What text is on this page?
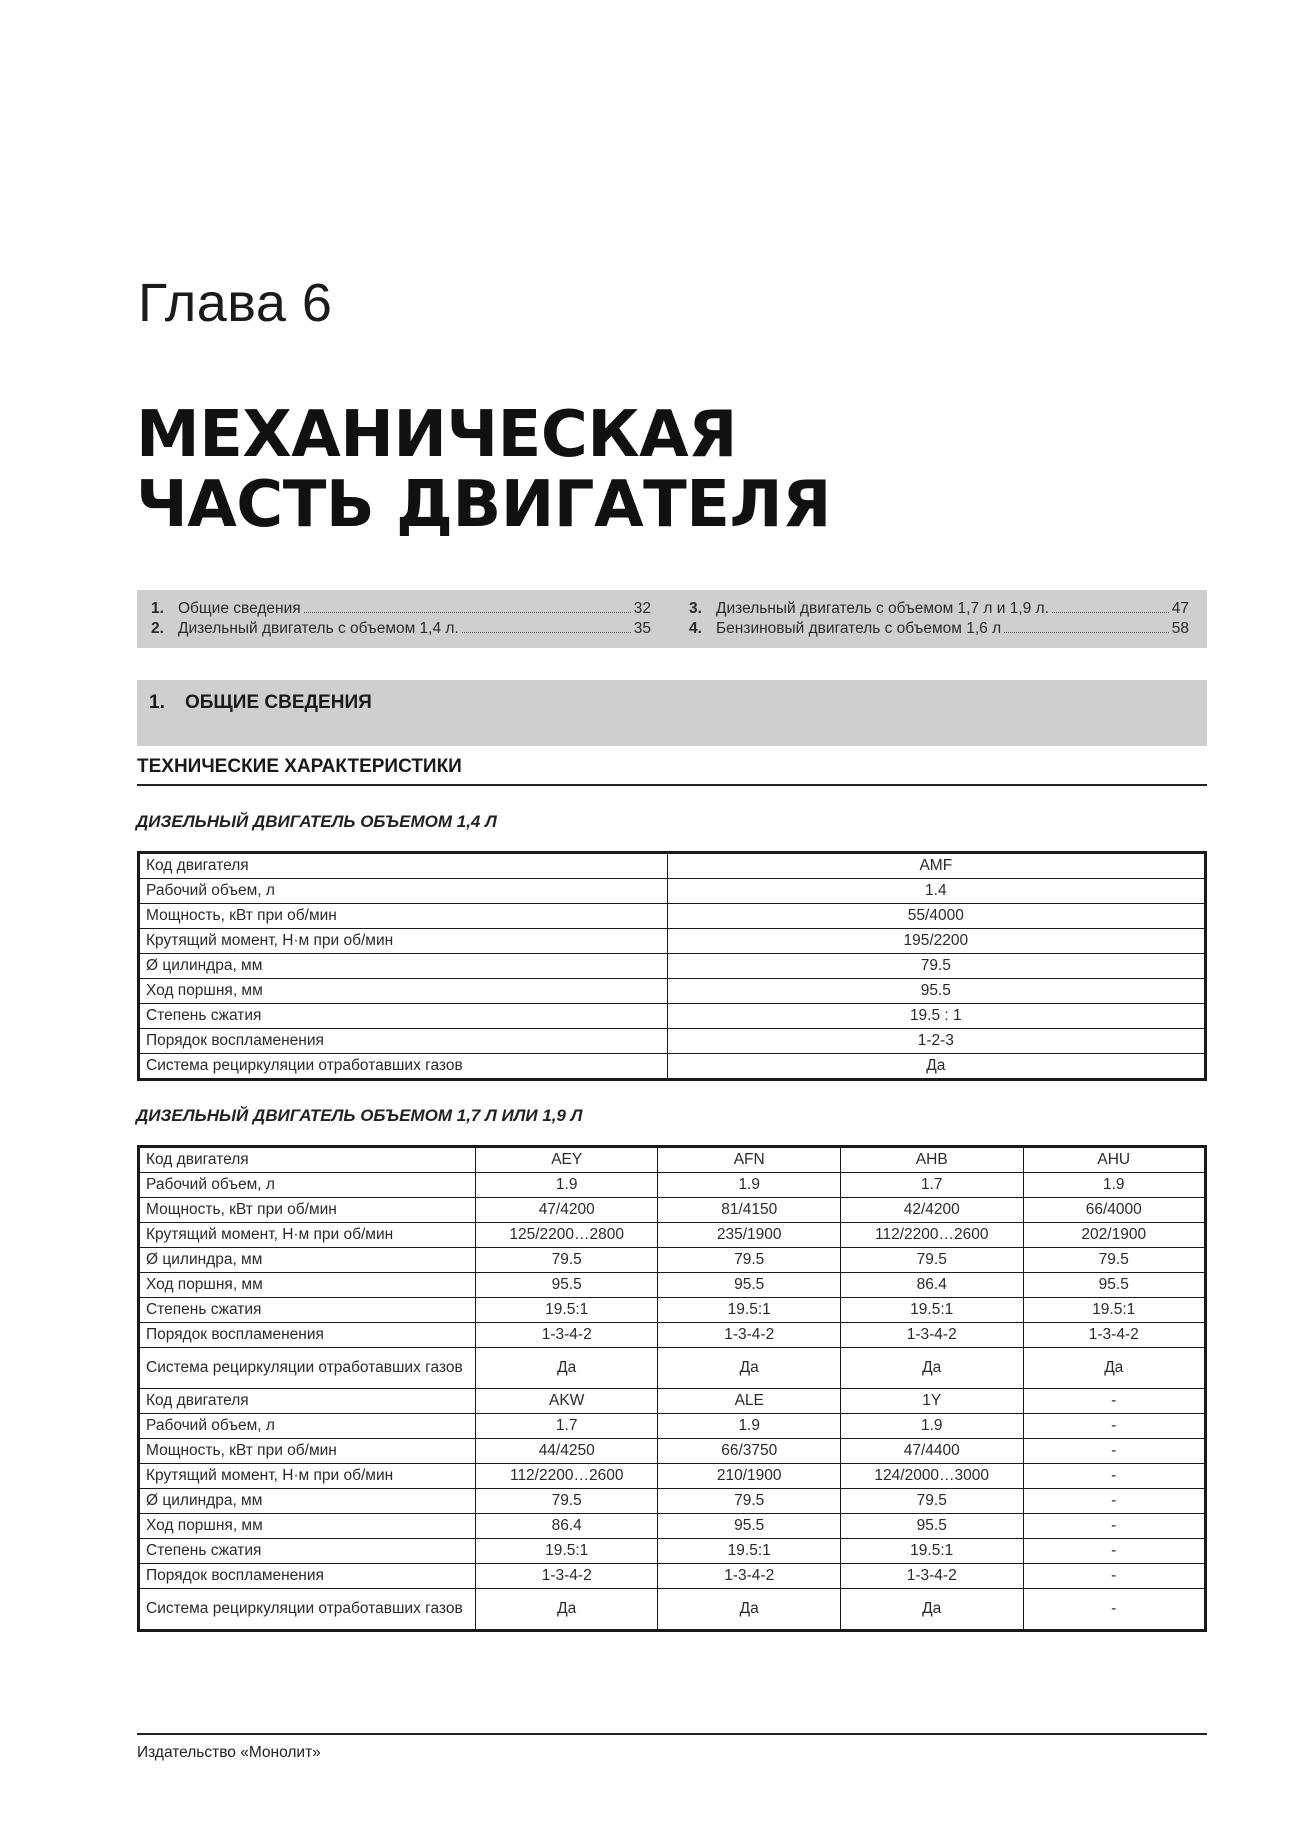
Глава 6
МЕХАНИЧЕСКАЯ
ЧАСТЬ ДВИГАТЕЛЯ
1. Общие сведения	32
2. Дизельный двигатель с объемом 1,4 л.	35
3. Дизельный двигатель с объемом 1,7 л и 1,9 л.	47
4. Бензиновый двигатель с объемом 1,6 л	58
1. ОБЩИЕ СВЕДЕНИЯ
ТЕХНИЧЕСКИЕ ХАРАКТЕРИСТИКИ
ДИЗЕЛЬНЫЙ ДВИГАТЕЛЬ ОБЪЕМОМ 1,4 Л
Код двигателя	AMF
Рабочий объем, л	1.4
Мощность, кВт при об/мин	55/4000
Крутящий момент, Н·м при об/мин	195/2200
Ø цилиндра, мм	79.5
Ход поршня, мм	95.5
Степень сжатия	19.5 : 1
Порядок воспламенения	1-2-3
Система рециркуляции отработавших газов	Да
ДИЗЕЛЬНЫЙ ДВИГАТЕЛЬ ОБЪЕМОМ 1,7 Л ИЛИ 1,9 Л
Код двигателя	AEY	AFN	AHB	AHU
Рабочий объем, л	1.9	1.9	1.7	1.9
Мощность, кВт при об/мин	47/4200	81/4150	42/4200	66/4000
Крутящий момент, Н·м при об/мин	125/2200…2800	235/1900	112/2200…2600	202/1900
Ø цилиндра, мм	79.5	79.5	79.5	79.5
Ход поршня, мм	95.5	95.5	86.4	95.5
Степень сжатия	19.5:1	19.5:1	19.5:1	19.5:1
Порядок воспламенения	1-3-4-2	1-3-4-2	1-3-4-2	1-3-4-2
Система рециркуляции отработавших газов	Да	Да	Да	Да
Код двигателя	AKW	ALE	1Y	-
Рабочий объем, л	1.7	1.9	1.9	-
Мощность, кВт при об/мин	44/4250	66/3750	47/4400	-
Крутящий момент, Н·м при об/мин	112/2200…2600	210/1900	124/2000…3000	-
Ø цилиндра, мм	79.5	79.5	79.5	-
Ход поршня, мм	86.4	95.5	95.5	-
Степень сжатия	19.5:1	19.5:1	19.5:1	-
Порядок воспламенения	1-3-4-2	1-3-4-2	1-3-4-2	-
Система рециркуляции отработавших газов	Да	Да	Да	-
Издательство «Монолит»
